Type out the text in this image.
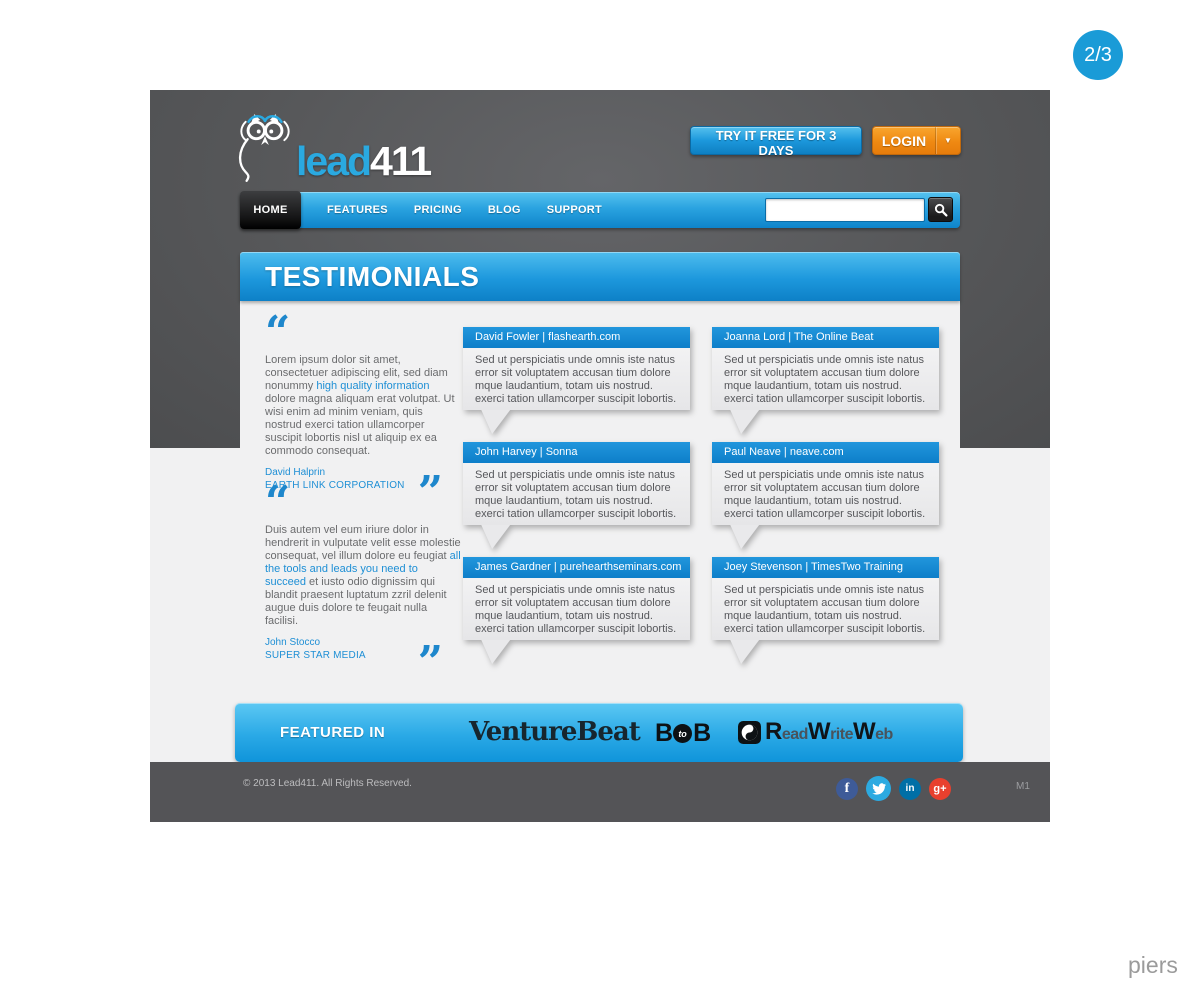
2/3
piers
lead411
TRY IT FREE FOR 3 DAYS
LOGIN	▼
HOME	FEATURES PRICING BLOG SUPPORT
TESTIMONIALS
“
Lorem ipsum dolor sit amet, consectetuer adipiscing elit, sed diam nonummy high quality information dolore magna aliquam erat volutpat. Ut wisi enim ad minim veniam, quis nostrud exerci tation ullamcorper suscipit lobortis nisl ut aliquip ex ea commodo consequat.
David Halprin
EARTH LINK CORPORATION ”
“
Duis autem vel eum iriure dolor in hendrerit in vulputate velit esse molestie consequat, vel illum dolore eu feugiat all the tools and leads you need to succeed et iusto odio dignissim qui blandit praesent luptatum zzril delenit augue duis dolore te feugait nulla facilisi.
John Stocco
SUPER STAR MEDIA	”
David Fowler | flashearth.com
Sed ut perspiciatis unde omnis iste natus error sit voluptatem accusan tium dolore mque laudantium, totam uis nostrud. exerci tation ullamcorper suscipit lobortis.
Joanna Lord | The Online Beat
Sed ut perspiciatis unde omnis iste natus error sit voluptatem accusan tium dolore mque laudantium, totam uis nostrud. exerci tation ullamcorper suscipit lobortis.
John Harvey | Sonna
Sed ut perspiciatis unde omnis iste natus error sit voluptatem accusan tium dolore mque laudantium, totam uis nostrud. exerci tation ullamcorper suscipit lobortis.
Paul Neave | neave.com
Sed ut perspiciatis unde omnis iste natus error sit voluptatem accusan tium dolore mque laudantium, totam uis nostrud. exerci tation ullamcorper suscipit lobortis.
James Gardner | purehearthseminars.com
Sed ut perspiciatis unde omnis iste natus error sit voluptatem accusan tium dolore mque laudantium, totam uis nostrud. exerci tation ullamcorper suscipit lobortis.
Joey Stevenson | TimesTwo Training
Sed ut perspiciatis unde omnis iste natus error sit voluptatem accusan tium dolore mque laudantium, totam uis nostrud. exerci tation ullamcorper suscipit lobortis.
FEATURED IN	VentureBeat B to B R ead W rite W eb
© 2013 Lead411. All Rights Reserved.	f	in	g+	M1
